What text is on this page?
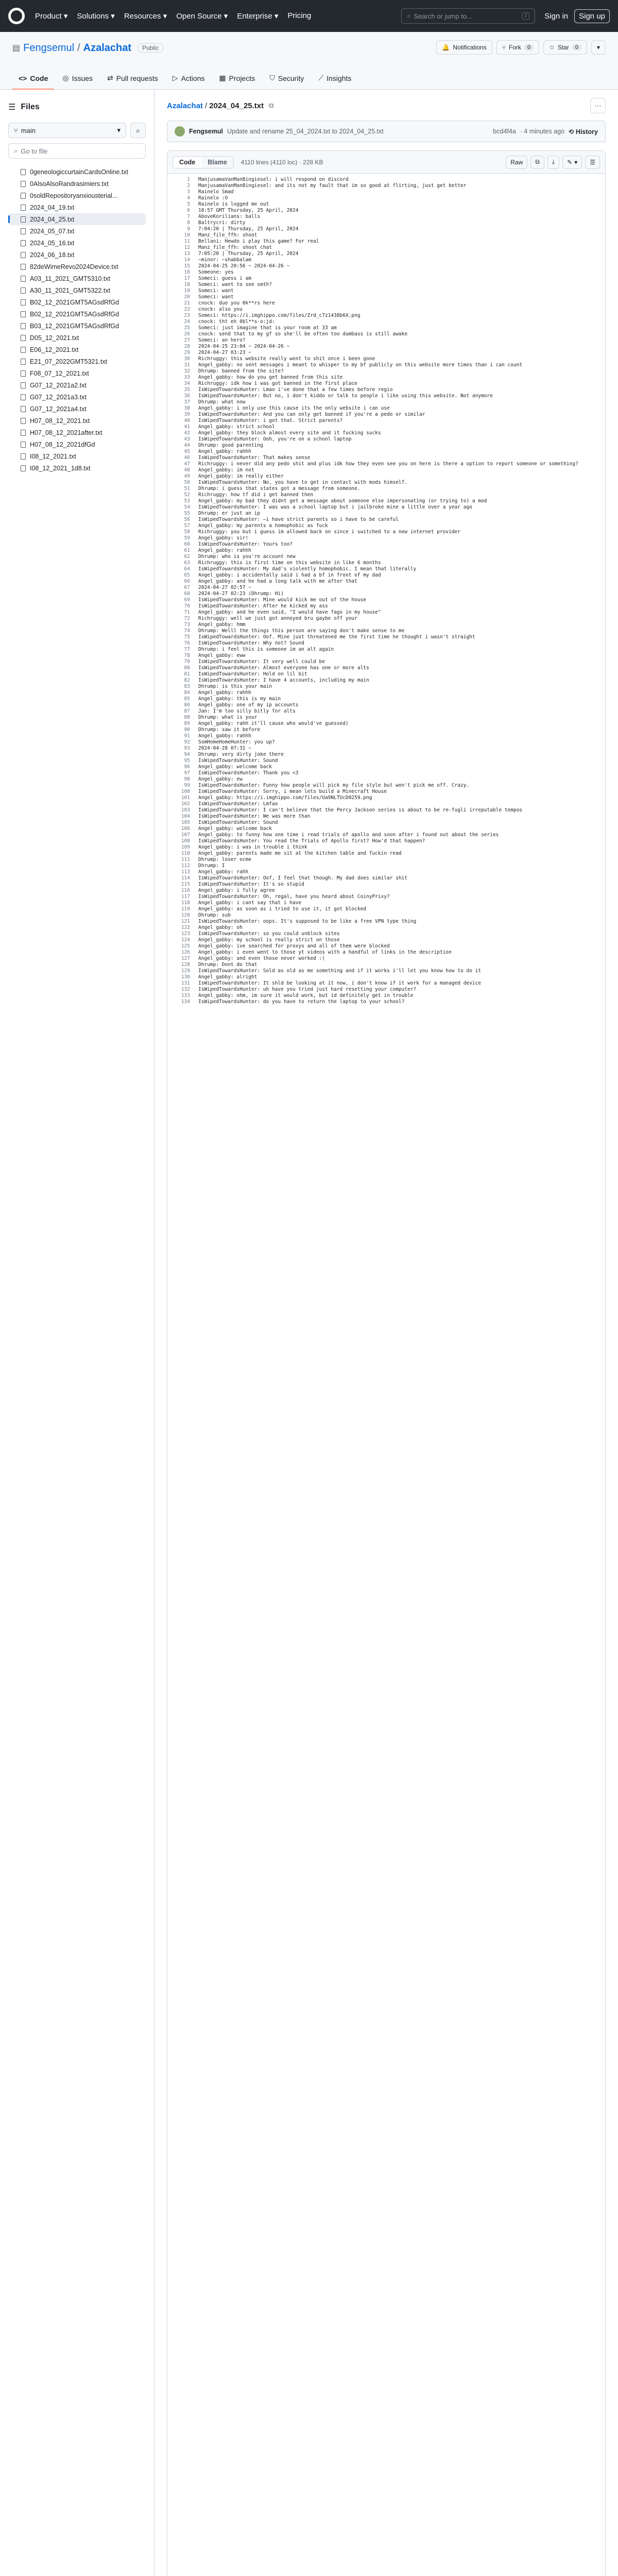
Product ▾ Solutions ▾ Resources ▾ Open Source ▾ Enterprise ▾ Pricing	⌕ Search or jump to...	/	Sign in	Sign up
▤ Fengsemul / Azalachat	Public	🔔 Notifications	⑂ Fork	0	☆ Star	0	▾
<> Code ◎ Issues ⇄ Pull requests ▷ Actions ▦ Projects ⛉ Security ⟋ Insights
☰ Files
⑂ main	▾ ⌕
⌕ Go to file
0geneologiccurtainCardsOnline.txt
0AlsoAlsoRandrasimiers.txt
0soldRepositoryanxiousterial...
2024_04_19.txt
2024_04_25.txt
2024_05_07.txt
2024_05_16.txt
2024_06_18.txt
82deWimeRevo2024Device.txt
A03_11_2021_GMT5310.txt
A30_11_2021_GMT5322.txt
B02_12_2021GMT5AGsdRfGd
B02_12_2021GMT5AGsdRfGd
B03_12_2021GMT5AGsdRfGd
D05_12_2021.txt
E06_12_2021.txt
E21_07_2022GMT5321.txt
F08_07_12_2021.txt
G07_12_2021a2.txt
G07_12_2021a3.txt
G07_12_2021a4.txt
H07_08_12_2021.txt
H07_08_12_2021after.txt
H07_08_12_2021dfGd
I08_12_2021.txt
I08_12_2021_1d8.txt
Azalachat / 2024_04_25.txt ⧉	⋯
Fengsemul Update and rename 25_04_2024.txt to 2024_04_25.txt	bcd4f4a · 4 minutes ago ⟲ History
Code	Blame	4110 lines (4110 loc) · 228 KB	Raw ⧉ ⤓ ✎ ▾ ☰
1	ManjusamaVanManBingiesel: i will respond on discord
2	ManjusamaVanManBingiesel: and its not my fault that im so good at flirting, just get better
3	Rainelo Smad
4	Rainelo :O
5	Rainelo is logged me out
6	18:57 GMT Thursday, 25 April, 2024
7	AboveKorilians: balls
8	Baltrycri: dirty
9	7:04:20 | Thursday, 25 April, 2024
10	Manz_file_ffh: shoot
11	Bellani: Hewdo i play this game? For real
12	Manz_file_ffh: shoot chat
13	7:05:20 | Thursday, 25 April, 2024
14	~minor: ~shabbalam
15	2024-04-25 20:56 ~ 2024-04-26 ~
16	Someone: yes
17	Someci: guess i am
18	Someci: want to see smth?
19	Someci: want
20	Someci: want
21	cnock: duo you 0k**rs here
22	cnock: also you
23	Someci: https://i.imghippo.com/files/Zrd_c7z1438b6X.png
24	cnock: tht eh 0bl**s-o:jd:
25	Someci: just imagine that is your room at 33 am
26	cnock: send that to my gf so she'll be often too dumbass is still awake
27	Someci: an hero?
28	2024-04-25 23:04 ~ 2024-04-26 ~
29	2024-04-27 03:23 ~
30	Richruggy: this website really went to shit once i been gone
31	Angel_gabby: no sent messages i meant to whisper to my bf publicly on this website more times than i can count
32	Dhrump: banned from the site?
33	Angel_gabby: how do you get banned from this site
34	Richruggy: idk how i was got banned in the first place
35	IsWipedTowardsHunter: Lmao i've done that a few times before regio
36	IsWipedTowardsHunter: But no, i don't kiddo or talk to people i like using this website. Not anymore
37	Dhrump: what now
38	Angel_gabby: i only use this cause its the only website i can use
39	IsWipedTowardsHunter: And you can only get banned if you're a pedo or similar
40	IsWipedTowardsHunter: i got that. Strict parents?
41	Angel_gabby: strict school
42	Angel_gabby: they block almost every site and it fucking sucks
43	IsWipedTowardsHunter: Ooh, you're on a school laptop
44	Dhrump: good parenting
45	Angel_gabby: rahhh
46	IsWipedTowardsHunter: That makes sense
47	Richruggy: i never did any pedo shit and plus idk how they even see you on here is there a option to report someone or something?
48	Angel_gabby: im not
49	Angel_gabby: im really either
50	IsWipedTowardsHunter: No, you have to get in contact with mods himself.
51	Dhrump: i guess that states got a message from someone.
52	Richruggy: how tf did i get banned then
53	Angel_gabby: my bad they didnt get a message about someone else impersonating (or trying to) a mod
54	IsWipedTowardsHunter: I was was a school laptop but i jailbroke mine a little over a year ago
55	Dhrump: er just an ip
56	IsWipedTowardsHunter: —i have strict parents so i have to be careful
57	Angel_gabby: my parents a homophobic as fuck
58	Richruggy: you but i guess im allowed back on since i switched to a new internet provider
59	Angel_gabby: sir!
60	IsWipedTowardsHunter: Yours too?
61	Angel_gabby: rahhh
62	Dhrump: who is you're account new
63	Richruggy: this is first time on this website in like 6 months
64	IsWipedTowardsHunter: My dad's violently homophobic. I mean that literally
65	Angel_gabby: i accidentally said i had a bf in front of my dad
66	Angel_gabby: and he had a long talk with me after that
67	2024-04-27 02:57 ~
68	2024-04-27 02:23 (Dhrump: Hi)
69	IsWipedTowardsHunter: Mine would kick me out of the house
70	IsWipedTowardsHunter: After he kicked my ass
71	Angel_gabby: and he even said, "I would have fags in my house"
72	Richruggy: well we just got annoyed bru gaybe off your
73	Angel_gabby: hmm
74	Dhrump: Welll the things this person are saying don't make sense to me
75	IsWipedTowardsHunter: Oof. Mine just threatened me the first time he thought i wasn't straight
76	IsWipedTowardsHunter: Why not? Sound
77	Dhrump: i feel this is someone im an alt again
78	Angel_gabby: eww
79	IsWipedTowardsHunter: It very well could be
80	IsWipedTowardsHunter: Almost everyone has one or more alts
81	IsWipedTowardsHunter: Hold on lil bit
82	IsWipedTowardsHunter: I have 4 accounts, including my main
83	Dhrump: is this your main
84	Angel_gabby: rahhh
85	Angel_gabby: this is my main
86	Angel_gabby: one of my ip accounts
87	Jan: I'm too silly bitly for alts
88	Dhrump: what is your
89	Angel_gabby: rahh it'll cause who would've guessed)
90	Dhrump: saw it before
91	Angel_gabby: rahhh
92	SomHomeHomeHunter: you up?
93	2024-04-28 07:31 ~
94	Dhrump: very dirty joke there
95	IsWipedTowardsHunter: Sound
96	Angel_gabby: welcome back
97	IsWipedTowardsHunter: Thank you <3
98	Angel_gabby: ew
99	IsWipedTowardsHunter: Funny how people will pick my file style but won't pick me off. Crazy.
100	IsWipedTowardsHunter: Sorry, i mean lets build a Minecraft House
101	Angel_gabby: https://i.imghippo.com/files/Ua9NLTUcD0259.png
102	IsWipedTowardsHunter: Lmfao
103	IsWipedTowardsHunter: I can't believe that the Percy Jackson series is about to be re-fugli irreputable tempos
104	IsWipedTowardsHunter: We was more than
105	IsWipedTowardsHunter: Sound
106	Angel_gabby: welcome back
107	Angel_gabby: to funny how one time i read trials of apollo and soon after i found out about the series
108	IsWipedTowardsHunter: You read the Trials of Apollo first? How'd that happen?
109	Angel_gabby: i was in trouble i think
110	Angel_gabby: parents made me sit at the kitchen table and fuckin read
111	Dhrump: loser ocme
112	Dhrump: I
113	Angel_gabby: rahh
114	IsWipedTowardsHunter: Oof, I feel that though. My dad does similar shit
115	IsWipedTowardsHunter: It's so stupid
116	Angel_gabby: i fully agree
117	IsWipedTowardsHunter: Oh, regal, have you heard about CoinyPrixy?
118	Angel_gabby: i cant say that i have
119	Angel_gabby: as soon as i tried to use it, it got blocked
120	Dhrump: sub
121	IsWipedTowardsHunter: oops. It's supposed to be like a free VPN type thing
122	Angel_gabby: oh
123	IsWipedTowardsHunter: so you could unblock sites
124	Angel_gabby: my school is really strict on those
125	Angel_gabby: ive searched for proxys and all of them were blocked
126	Angel_gabby: i even went to those yt videos with a handful of links in the description
127	Angel_gabby: and even those never worked :(
128	Dhrump: Dont do that
129	IsWipedTowardsHunter: Sold as old as me something and if it works i'll let you know how to do it
130	Angel_gabby: alright
131	IsWipedTowardsHunter: It shld be looking at it now, i don't know if it work for a managed device
132	IsWipedTowardsHunter: uh have you tried just hard resetting your computer?
133	Angel_gabby: ohm, im sure it would work, but id definitely get in trouble
134	IsWipedTowardsHunter: do you have to return the laptop to your school?
